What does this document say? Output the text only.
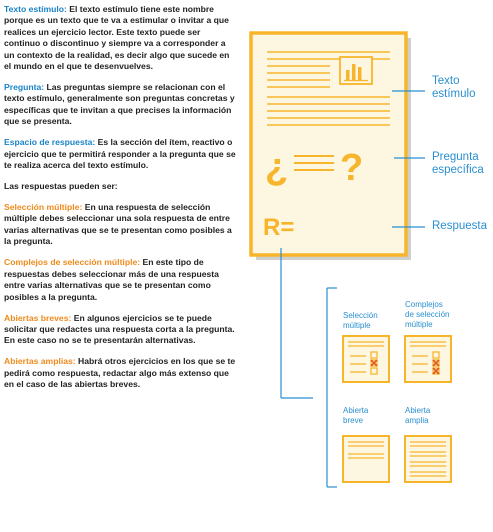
Texto estímulo: El texto estímulo tiene este nombre porque es un texto que te va a estimular o invitar a que realices un ejercicio lector. Este texto puede ser continuo o discontinuo y siempre va a corresponder a un contexto de la realidad, es decir algo que sucede en el mundo en el que te desenvuelves.

Pregunta: Las preguntas siempre se relacionan con el texto estímulo, generalmente son preguntas concretas y específicas que te invitan a que precises la información que se presenta.

Espacio de respuesta: Es la sección del ítem, reactivo o ejercicio que te permitirá responder a la pregunta que se te realiza acerca del texto estímulo.

Las respuestas pueden ser:

Selección múltiple: En una respuesta de selección múltiple debes seleccionar una sola respuesta de entre varias alternativas que se te presentan como posibles a la pregunta.

Complejos de selección múltiple: En este tipo de respuestas debes seleccionar más de una respuesta entre varias alternativas que se te presentan como posibles a la pregunta.

Abiertas breves: En algunos ejercicios se te puede solicitar que redactes una respuesta corta a la pregunta. En este caso no se te presentarán alternativas.

Abiertas amplias: Habrá otros ejercicios en los que se te pedirá como respuesta, redactar algo más extenso que en el caso de las abiertas breves.

¿ ?
R=
Texto
estímulo
Pregunta
específica
Respuesta
Selección
múltiple
Complejos
de selección
múltiple
Abierta
breve
Abierta
amplia
